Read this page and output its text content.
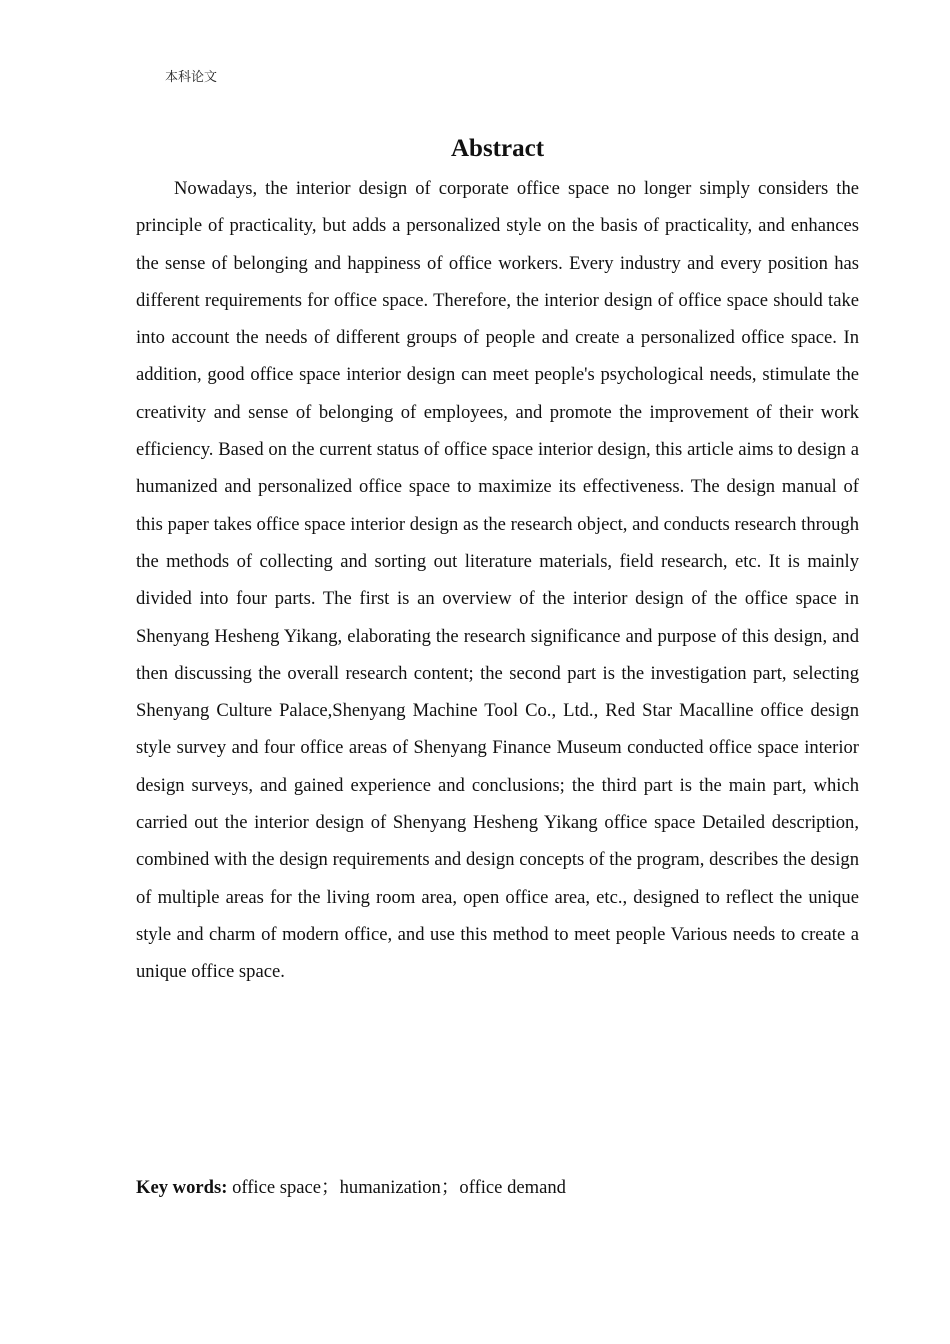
本科论文
Abstract

Nowadays, the interior design of corporate office space no longer simply considers the principle of practicality, but adds a personalized style on the basis of practicality, and enhances the sense of belonging and happiness of office workers. Every industry and every position has different requirements for office space. Therefore, the interior design of office space should take into account the needs of different groups of people and create a personalized office space. In addition, good office space interior design can meet people's psychological needs, stimulate the creativity and sense of belonging of employees, and promote the improvement of their work efficiency. Based on the current status of office space interior design, this article aims to design a humanized and personalized office space to maximize its effectiveness. The design manual of this paper takes office space interior design as the research object, and conducts research through the methods of collecting and sorting out literature materials, field research, etc. It is mainly divided into four parts. The first is an overview of the interior design of the office space in Shenyang Hesheng Yikang, elaborating the research significance and purpose of this design, and then discussing the overall research content; the second part is the investigation part, selecting Shenyang Culture Palace,Shenyang Machine Tool Co., Ltd., Red Star Macalline office design style survey and four office areas of Shenyang Finance Museum conducted office space interior design surveys, and gained experience and conclusions; the third part is the main part, which carried out the interior design of Shenyang Hesheng Yikang office space Detailed description, combined with the design requirements and design concepts of the program, describes the design of multiple areas for the living room area, open office area, etc., designed to reflect the unique style and charm of modern office, and use this method to meet people Various needs to create a unique office space.

Key words: office space；humanization；office demand
